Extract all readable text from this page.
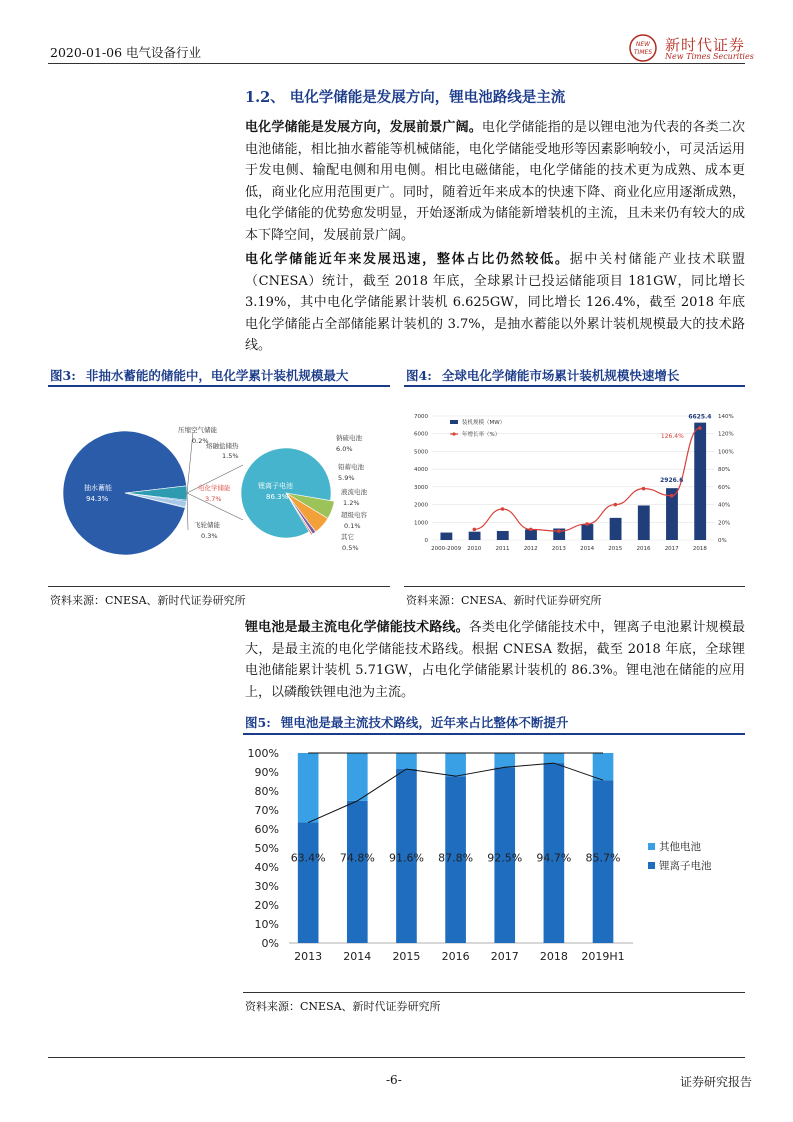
2020-01-06 电气设备行业
NEW
TIMES 新时代证券
New Times Securities
1.2、 电化学储能是发展方向，锂电池路线是主流
电化学储能是发展方向，发展前景广阔。电化学储能指的是以锂电池为代表的各类二次电池储能，相比抽水蓄能等机械储能，电化学储能受地形等因素影响较小，可灵活运用于发电侧、输配电侧和用电侧。相比电磁储能，电化学储能的技术更为成熟、成本更低，商业化应用范围更广。同时，随着近年来成本的快速下降、商业化应用逐渐成熟，电化学储能的优势愈发明显，开始逐渐成为储能新增装机的主流，且未来仍有较大的成本下降空间，发展前景广阔。
电化学储能近年来发展迅速，整体占比仍然较低。据中关村储能产业技术联盟（CNESA）统计，截至 2018 年底，全球累计已投运储能项目 181GW，同比增长 3.19%，其中电化学储能累计装机 6.625GW，同比增长 126.4%，截至 2018 年底电化学储能占全部储能累计装机的 3.7%，是抽水蓄能以外累计装机规模最大的技术路线。
图3: 非抽水蓄能的储能中，电化学累计装机规模最大	图4: 全球电化学储能市场累计装机规模快速增长
抽水蓄能
94.3%
压缩空气储能
0.2%
熔融盐储热
1.5%
电化学储能
3.7%
飞轮储能
0.3%
锂离子电池
86.3%
钠硫电池
6.0%
铅蓄电池
5.9%
液流电池
1.2%
超级电容
0.1%
其它
0.5%
0
1000
2000
3000
4000
5000
6000
7000
0%
20%
40%
60%
80%
100%
120%
140%
2000-2009 2010	2011	2012	2013	2014	2015	2016	2017	2018
6625.4
2926.6
126.4%
装机规模（MW）
年增长率（%）
资料来源：CNESA、新时代证券研究所	资料来源：CNESA、新时代证券研究所
锂电池是最主流电化学储能技术路线。各类电化学储能技术中，锂离子电池累计规模最大，是最主流的电化学储能技术路线。根据 CNESA 数据，截至 2018 年底，全球锂电池储能累计装机 5.71GW，占电化学储能累计装机的 86.3%。锂电池在储能的应用上，以磷酸铁锂电池为主流。
图5: 锂电池是最主流技术路线，近年来占比整体不断提升
0%
10%
20%
30%
40%
50%
60%
70%
80%
90%
100%
63.4%
2013
74.8%
2014
91.6%
2015
87.8%
2016
92.5%
2017
94.7%
2018
85.7%
2019H1
其他电池
锂离子电池
资料来源：CNESA、新时代证券研究所
-6-	证券研究报告
